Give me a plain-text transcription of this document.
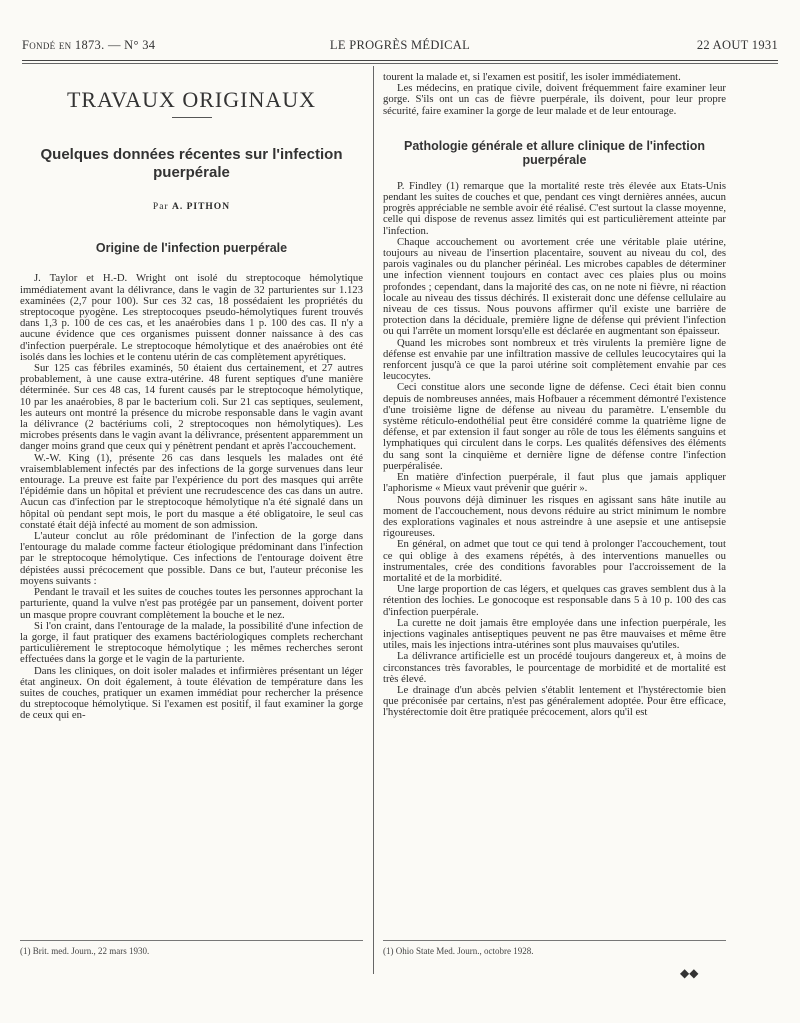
Fondé en 1873. — N° 34	LE PROGRÈS MÉDICAL	22 AOUT 1931
TRAVAUX ORIGINAUX
Quelques données récentes sur l'infection puerpérale
Par A. PITHON
Origine de l'infection puerpérale

J. Taylor et H.-D. Wright ont isolé du streptocoque hémolytique immédiatement avant la délivrance, dans le vagin de 32 parturientes sur 1.123 examinées (2,7 pour 100). Sur ces 32 cas, 18 possédaient les propriétés du streptocoque pyogène. Les streptocoques pseudo-hémolytiques furent trouvés dans 1,3 p. 100 de ces cas, et les anaérobies dans 1 p. 100 des cas. Il n'y a aucune évidence que ces organismes puissent donner naissance à des cas d'infection puerpérale. Le streptocoque hémolytique et des anaérobies ont été isolés dans les lochies et le contenu utérin de cas complètement apyrétiques.

Sur 125 cas fébriles examinés, 50 étaient dus certainement, et 27 autres probablement, à une cause extra-utérine. 48 furent septiques d'une manière déterminée. Sur ces 48 cas, 14 furent causés par le streptocoque hémolytique, 10 par les anaérobies, 8 par le bacterium coli. Sur 21 cas septiques, seulement, les auteurs ont montré la présence du microbe responsable dans le vagin avant la délivrance (2 bactériums coli, 2 streptocoques non hémolytiques). Les microbes présents dans le vagin avant la délivrance, présentent apparemment un danger moins grand que ceux qui y pénètrent pendant et après l'accouchement.

W.-W. King (1), présente 26 cas dans lesquels les malades ont été vraisemblablement infectés par des infections de la gorge survenues dans leur entourage. La preuve est faite par l'expérience du port des masques qui arrête l'épidémie dans un hôpital et prévient une recrudescence des cas dans un autre. Aucun cas d'infection par le streptocoque hémolytique n'a été signalé dans un hôpital où pendant sept mois, le port du masque a été obligatoire, le seul cas constaté était déjà infecté au moment de son admission.

L'auteur conclut au rôle prédominant de l'infection de la gorge dans l'entourage du malade comme facteur étiologique prédominant dans l'infection par le streptocoque hémolytique. Ces infections de l'entourage doivent être dépistées aussi précocement que possible. Dans ce but, l'auteur préconise les moyens suivants :

Pendant le travail et les suites de couches toutes les personnes approchant la parturiente, quand la vulve n'est pas protégée par un pansement, doivent porter un masque propre couvrant complètement la bouche et le nez.

Si l'on craint, dans l'entourage de la malade, la possibilité d'une infection de la gorge, il faut pratiquer des examens bactériologiques complets recherchant particulièrement le streptocoque hémolytique ; les mêmes recherches seront effectuées dans la gorge et le vagin de la parturiente.

Dans les cliniques, on doit isoler malades et infirmières présentant un léger état angineux. On doit également, à toute élévation de température dans les suites de couches, pratiquer un examen immédiat pour rechercher la présence du streptocoque hémolytique. Si l'examen est positif, il faut examiner la gorge de ceux qui en-

tourent la malade et, si l'examen est positif, les isoler immédiatement.

Les médecins, en pratique civile, doivent fréquemment faire examiner leur gorge. S'ils ont un cas de fièvre puerpérale, ils doivent, pour leur propre sécurité, faire examiner la gorge de leur malade et de leur entourage.

Pathologie générale et allure clinique de l'infection puerpérale

P. Findley (1) remarque que la mortalité reste très élevée aux Etats-Unis pendant les suites de couches et que, pendant ces vingt dernières années, aucun progrès appréciable ne semble avoir été réalisé. C'est surtout la classe moyenne, celle qui dispose de revenus assez limités qui est particulièrement atteinte par l'infection.

Chaque accouchement ou avortement crée une véritable plaie utérine, toujours au niveau de l'insertion placentaire, souvent au niveau du col, des parois vaginales ou du plancher périnéal. Les microbes capables de déterminer une infection viennent toujours en contact avec ces plaies plus ou moins profondes ; cependant, dans la majorité des cas, on ne note ni fièvre, ni réaction locale au niveau des tissus déchirés. Il existerait donc une défense cellulaire au niveau de ces tissus. Nous pouvons affirmer qu'il existe une barrière de protection dans la déciduale, première ligne de défense qui prévient l'infection ou qui l'arrête un moment lorsqu'elle est déclarée en augmentant son épaisseur.

Quand les microbes sont nombreux et très virulents la première ligne de défense est envahie par une infiltration massive de cellules leucocytaires qui la renforcent jusqu'à ce que la paroi utérine soit complètement envahie par ces leucocytes.

Ceci constitue alors une seconde ligne de défense. Ceci était bien connu depuis de nombreuses années, mais Hofbauer a récemment démontré l'existence d'une troisième ligne de défense au niveau du paramètre. L'ensemble du système réticulo-endothélial peut être considéré comme la quatrième ligne de défense, et par extension il faut songer au rôle de tous les éléments sanguins et lymphatiques qui circulent dans le corps. Les qualités défensives des éléments du sang sont la cinquième et dernière ligne de défense contre l'infection puerpéralisée.

En matière d'infection puerpérale, il faut plus que jamais appliquer l'aphorisme « Mieux vaut prévenir que guérir ».

Nous pouvons déjà diminuer les risques en agissant sans hâte inutile au moment de l'accouchement, nous devons réduire au strict minimum le nombre des explorations vaginales et nous astreindre à une asepsie et une antisepsie rigoureuses.

En général, on admet que tout ce qui tend à prolonger l'accouchement, tout ce qui oblige à des examens répétés, à des interventions manuelles ou instrumentales, crée des conditions favorables pour l'accroissement de la mortalité et de la morbidité.

Une large proportion de cas légers, et quelques cas graves semblent dus à la rétention des lochies. Le gonocoque est responsable dans 5 à 10 p. 100 des cas d'infection puerpérale.

La curette ne doit jamais être employée dans une infection puerpérale, les injections vaginales antiseptiques peuvent ne pas être mauvaises et même être utiles, mais les injections intra-utérines sont plus mauvaises qu'utiles.

La délivrance artificielle est un procédé toujours dangereux et, à moins de circonstances très favorables, le pourcentage de morbidité et de mortalité est très élevé.

Le drainage d'un abcès pelvien s'établit lentement et l'hystérectomie bien que préconisée par certains, n'est pas généralement adoptée. Pour être efficace, l'hystérectomie doit être pratiquée précocement, alors qu'il est

(1) Brit. med. Journ., 22 mars 1930.	(1) Ohio State Med. Journ., octobre 1928.
◆◆
